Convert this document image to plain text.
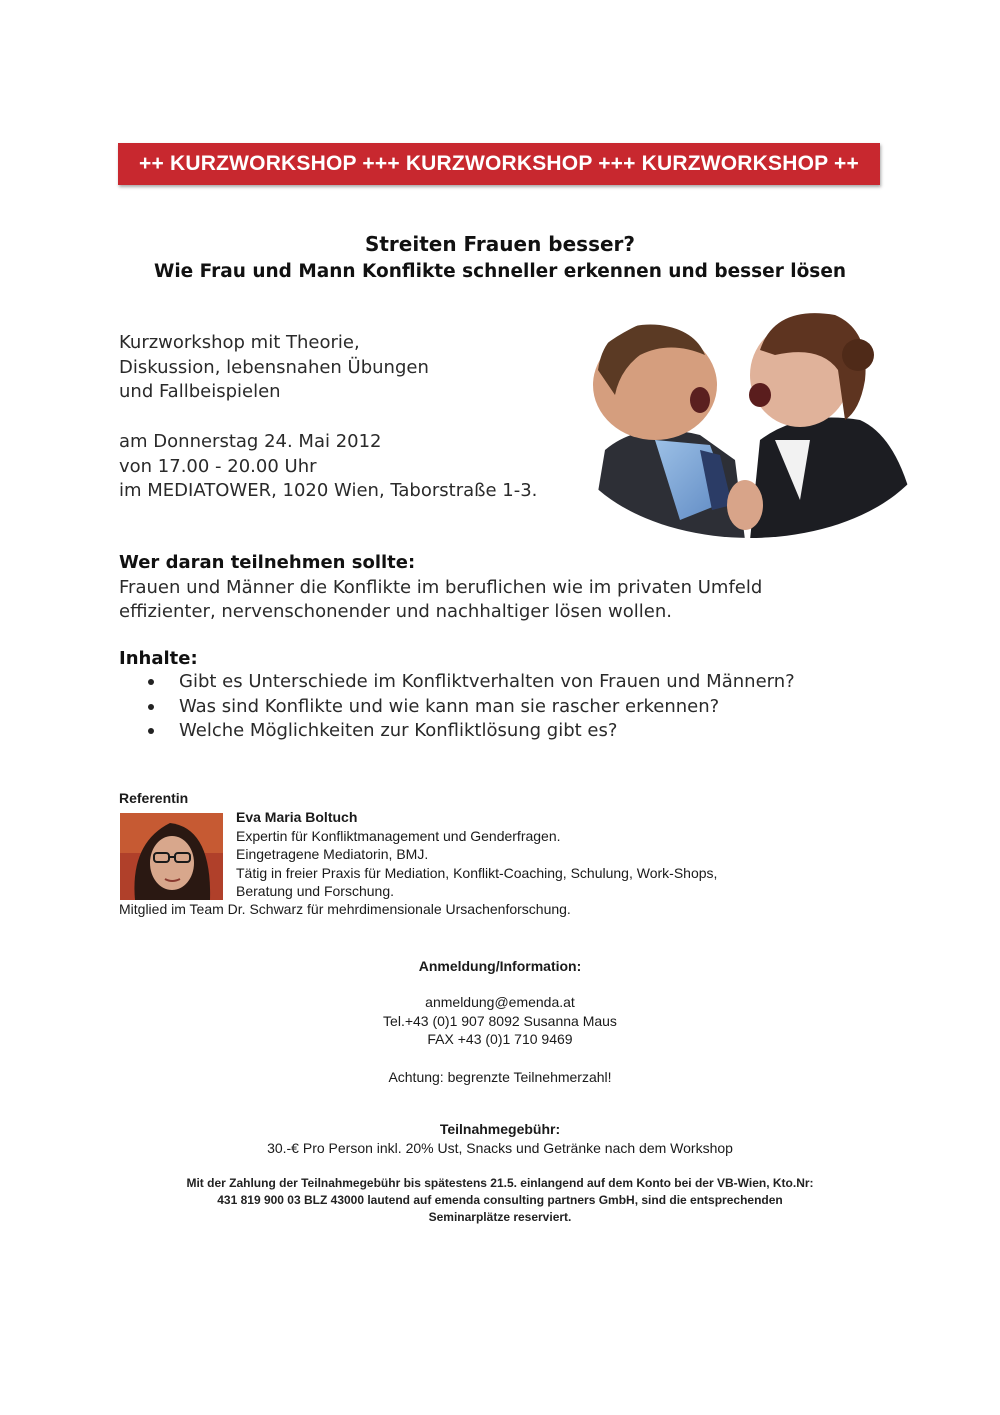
++ KURZWORKSHOP +++ KURZWORKSHOP +++ KURZWORKSHOP ++
Streiten Frauen besser?
Wie Frau und Mann Konflikte schneller erkennen und besser lösen
Kurzworkshop mit Theorie,
Diskussion, lebensnahen Übungen
und Fallbeispielen
am Donnerstag 24. Mai 2012
von 17.00 - 20.00 Uhr
im MEDIATOWER, 1020 Wien, Taborstraße 1-3.
Wer daran teilnehmen sollte:
Frauen und Männer die Konflikte im beruflichen wie im privaten Umfeld
effizienter, nervenschonender und nachhaltiger lösen wollen.
Inhalte:
Gibt es Unterschiede im Konfliktverhalten von Frauen und Männern?
Was sind Konflikte und wie kann man sie rascher erkennen?
Welche Möglichkeiten zur Konfliktlösung gibt es?
Referentin
Eva Maria Boltuch
Expertin für Konfliktmanagement und Genderfragen.
Eingetragene Mediatorin, BMJ.
Tätig in freier Praxis für Mediation, Konflikt-Coaching, Schulung, Work-Shops,
Beratung und Forschung.
Mitglied im Team Dr. Schwarz für mehrdimensionale Ursachenforschung.
Anmeldung/Information:
anmeldung@emenda.at
Tel.+43 (0)1 907 8092 Susanna Maus
FAX +43 (0)1 710 9469
Achtung: begrenzte Teilnehmerzahl!
Teilnahmegebühr:
30.-€ Pro Person inkl. 20% Ust, Snacks und Getränke nach dem Workshop
Mit der Zahlung der Teilnahmegebühr bis spätestens 21.5. einlangend auf dem Konto bei der VB-Wien, Kto.Nr:
431 819 900 03 BLZ 43000 lautend auf emenda consulting partners GmbH, sind die entsprechenden
Seminarplätze reserviert.
